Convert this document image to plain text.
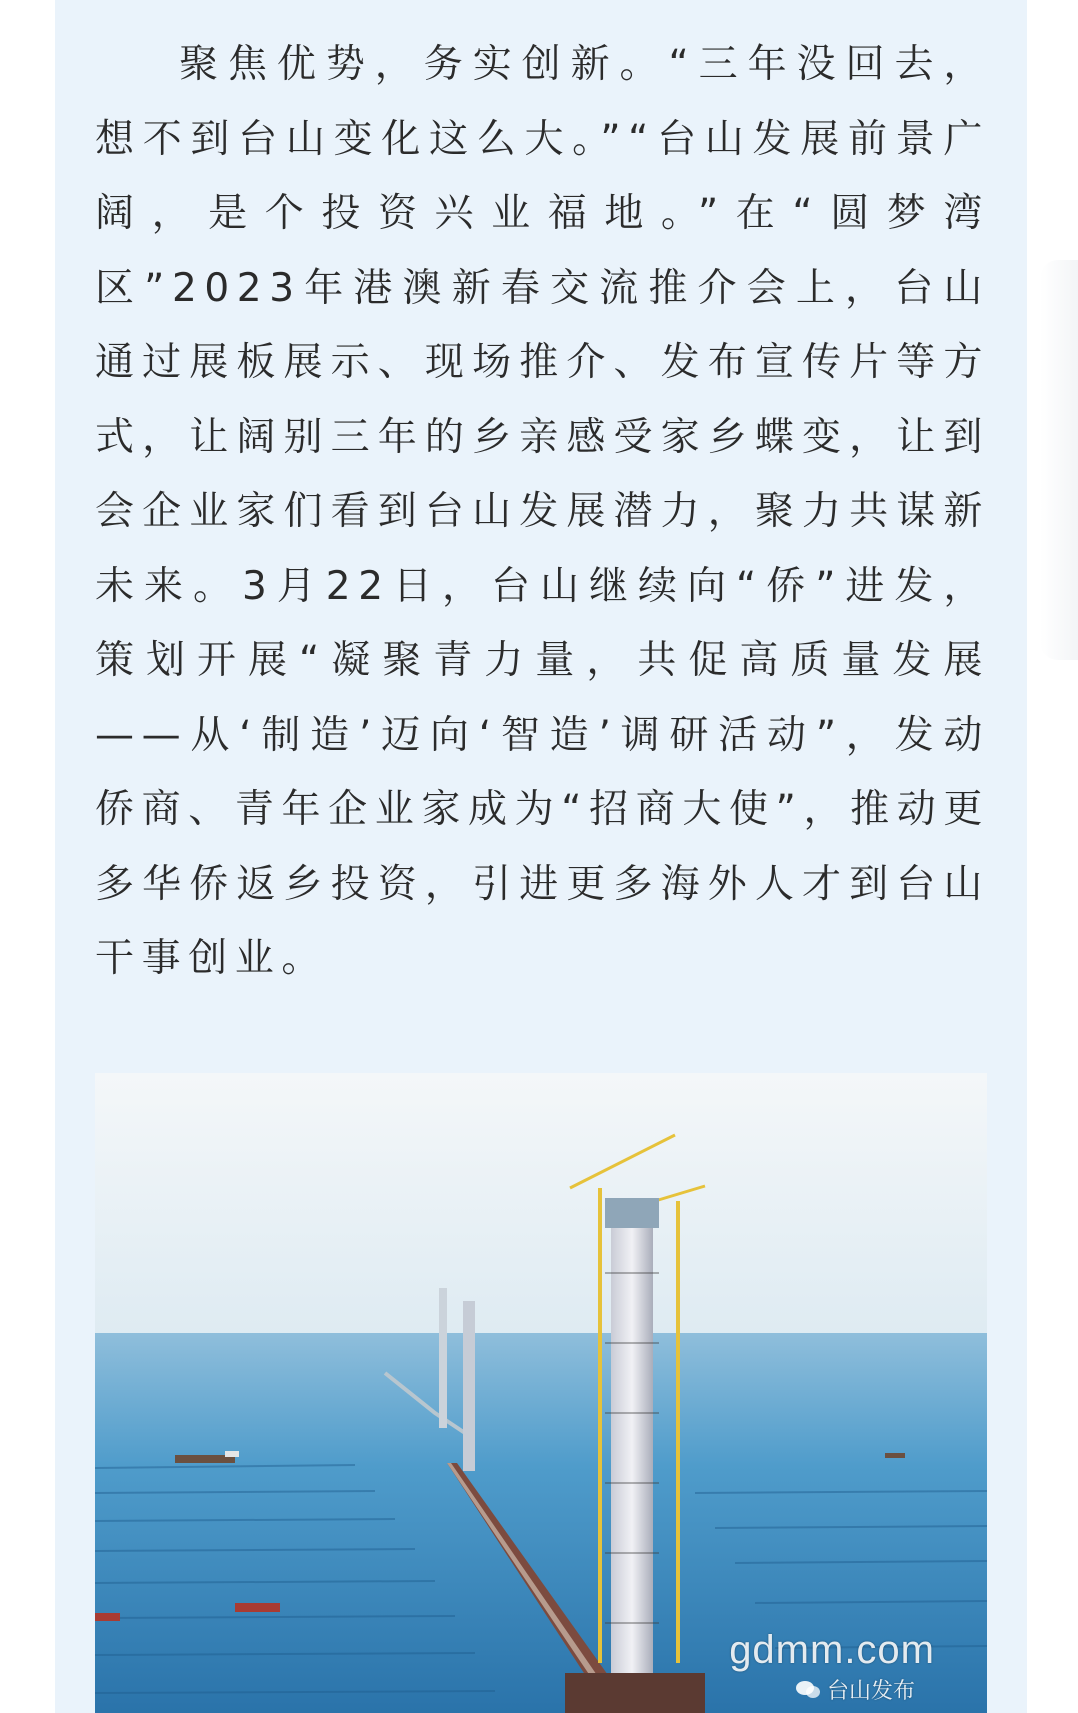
聚焦优势，务实创新。“三年没回去，想不到台山变化这么大。”“台山发展前景广阔，是个投资兴业福地。”在“圆梦湾区”2023年港澳新春交流推介会上，台山通过展板展示、现场推介、发布宣传片等方式，让阔别三年的乡亲感受家乡蝶变，让到会企业家们看到台山发展潜力，聚力共谋新未来。3月22日，台山继续向“侨”进发，策划开展“凝聚青力量，共促高质量发展——从‘制造’迈向‘智造’调研活动”，发动侨商、青年企业家成为“招商大使”，推动更多华侨返乡投资，引进更多海外人才到台山干事创业。

gdmm.com
台山发布
